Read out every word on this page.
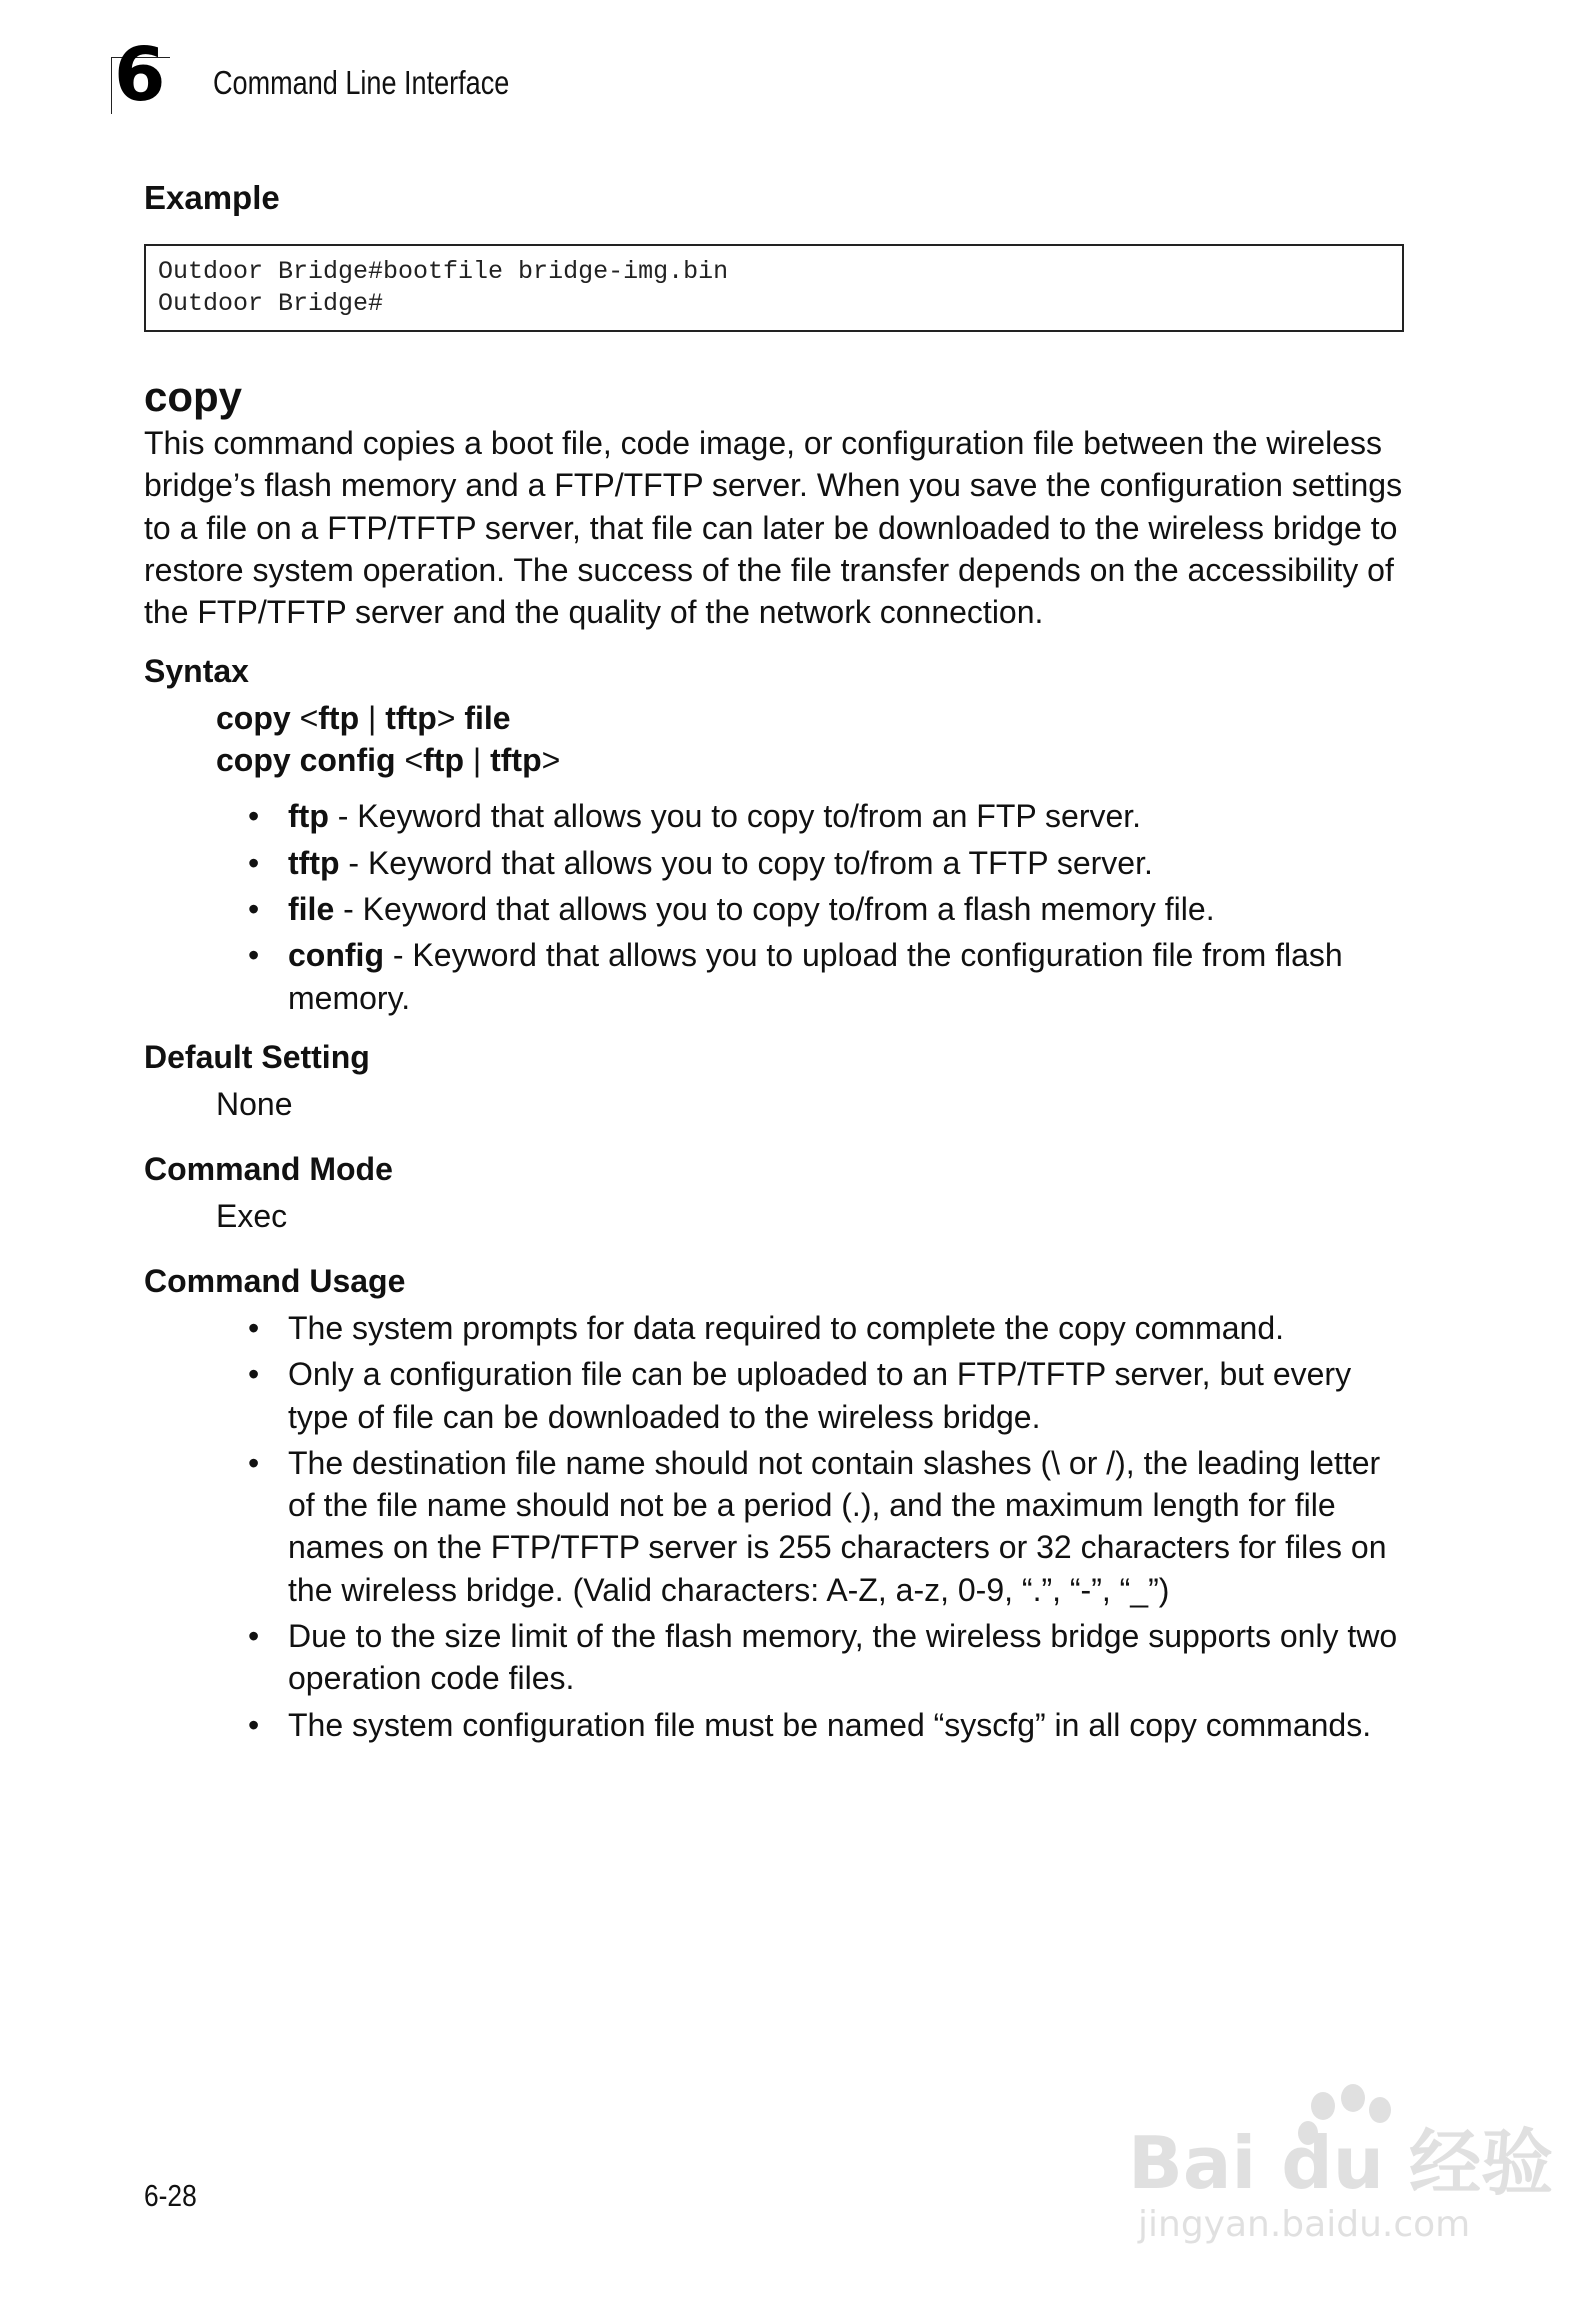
6 Command Line Interface
Example
Outdoor Bridge#bootfile bridge-img.bin
Outdoor Bridge#
copy

This command copies a boot file, code image, or configuration file between the wireless bridge’s flash memory and a FTP/TFTP server. When you save the configuration settings to a file on a FTP/TFTP server, that file can later be downloaded to the wireless bridge to restore system operation. The success of the file transfer depends on the accessibility of the FTP/TFTP server and the quality of the network connection.

Syntax
copy <ftp | tftp> file
copy config <ftp | tftp>
• ftp - Keyword that allows you to copy to/from an FTP server.
• tftp - Keyword that allows you to copy to/from a TFTP server.
• file - Keyword that allows you to copy to/from a flash memory file.
• config - Keyword that allows you to upload the configuration file from flash memory.
Default Setting
None
Command Mode
Exec
Command Usage
• The system prompts for data required to complete the copy command.
• Only a configuration file can be uploaded to an FTP/TFTP server, but every type of file can be downloaded to the wireless bridge.
• The destination file name should not contain slashes (\ or /), the leading letter of the file name should not be a period (.), and the maximum length for file names on the FTP/TFTP server is 255 characters or 32 characters for files on the wireless bridge. (Valid characters: A-Z, a-z, 0-9, “.”, “-”, “_”)
• Due to the size limit of the flash memory, the wireless bridge supports only two operation code files.
• The system configuration file must be named “syscfg” in all copy commands.
6-28	Bai du 经验
jingyan.baidu.com
